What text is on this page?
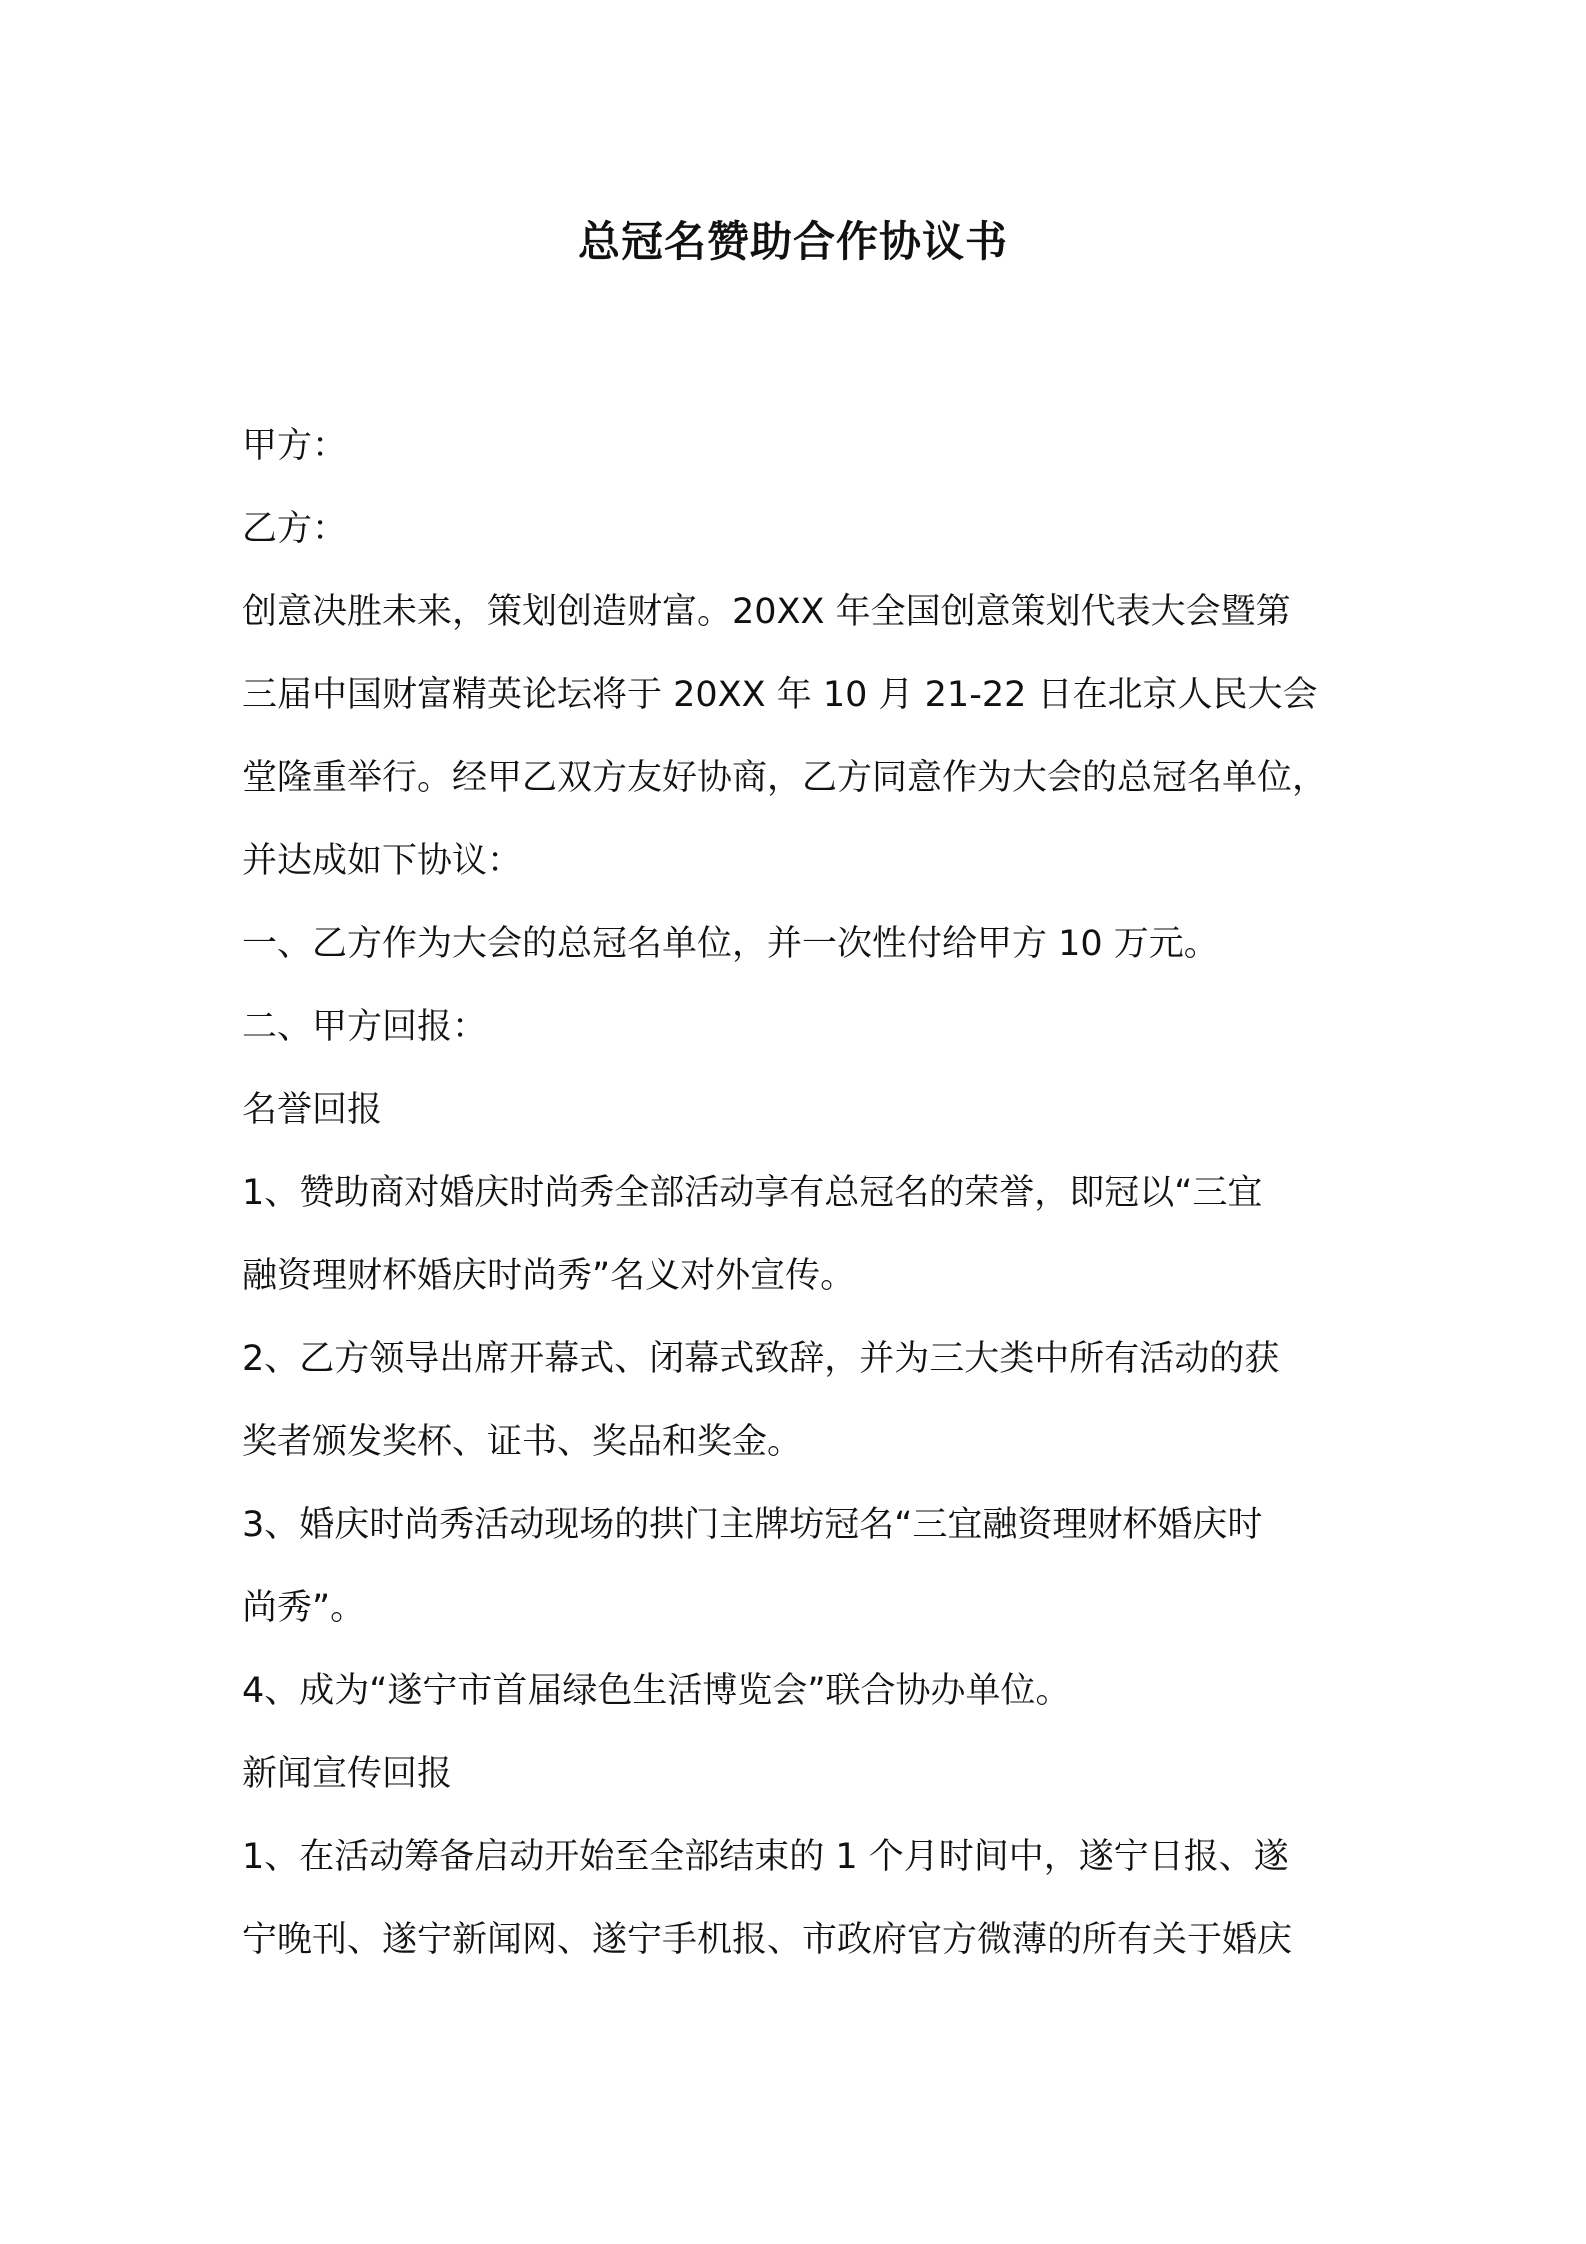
总冠名赞助合作协议书

甲方：

乙方：

创意决胜未来，策划创造财富。20XX 年全国创意策划代表大会暨第

三届中国财富精英论坛将于 20XX 年 10 月 21-22 日在北京人民大会

堂隆重举行。经甲乙双方友好协商，乙方同意作为大会的总冠名单位，

并达成如下协议：

一、乙方作为大会的总冠名单位，并一次性付给甲方 10 万元。

二、甲方回报：

名誉回报

1、赞助商对婚庆时尚秀全部活动享有总冠名的荣誉，即冠以“三宜

融资理财杯婚庆时尚秀”名义对外宣传。

2、乙方领导出席开幕式、闭幕式致辞，并为三大类中所有活动的获

奖者颁发奖杯、证书、奖品和奖金。

3、婚庆时尚秀活动现场的拱门主牌坊冠名“三宜融资理财杯婚庆时

尚秀”。

4、成为“遂宁市首届绿色生活博览会”联合协办单位。

新闻宣传回报

1、在活动筹备启动开始至全部结束的 1 个月时间中，遂宁日报、遂

宁晚刊、遂宁新闻网、遂宁手机报、市政府官方微薄的所有关于婚庆
